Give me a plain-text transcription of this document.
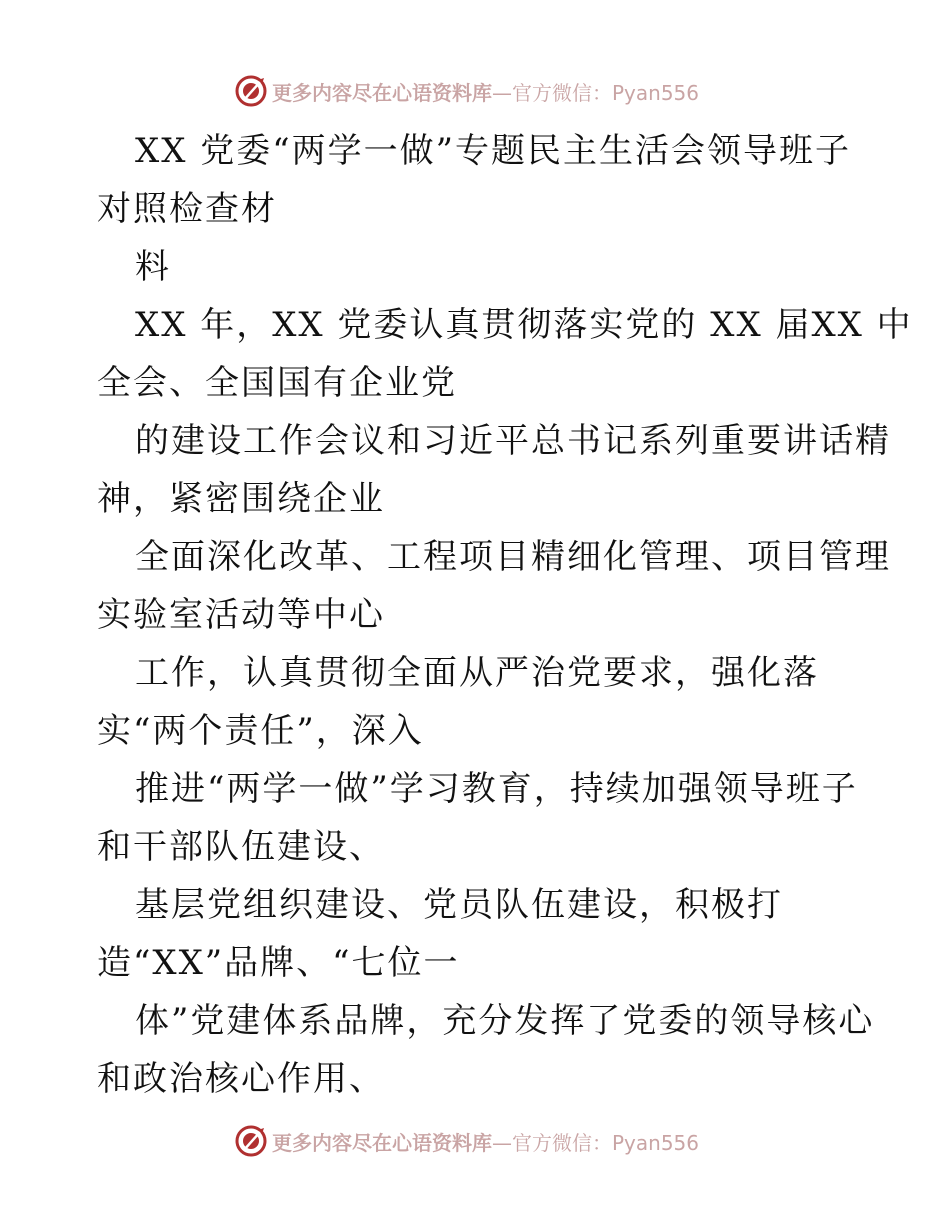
更多内容尽在心语资料库 —官方微信：Pyan556
XX 党委“两学一做”专题民主生活会领导班子
对照检查材
料
XX 年，XX 党委认真贯彻落实党的 XX 届XX 中
全会、全国国有企业党
的建设工作会议和习近平总书记系列重要讲话精
神，紧密围绕企业
全面深化改革、工程项目精细化管理、项目管理
实验室活动等中心
工作，认真贯彻全面从严治党要求，强化落
实“两个责任”，深入
推进“两学一做”学习教育，持续加强领导班子
和干部队伍建设、
基层党组织建设、党员队伍建设，积极打
造“XX”品牌、“七位一
体”党建体系品牌，充分发挥了党委的领导核心
和政治核心作用、
更多内容尽在心语资料库 —官方微信：Pyan556
